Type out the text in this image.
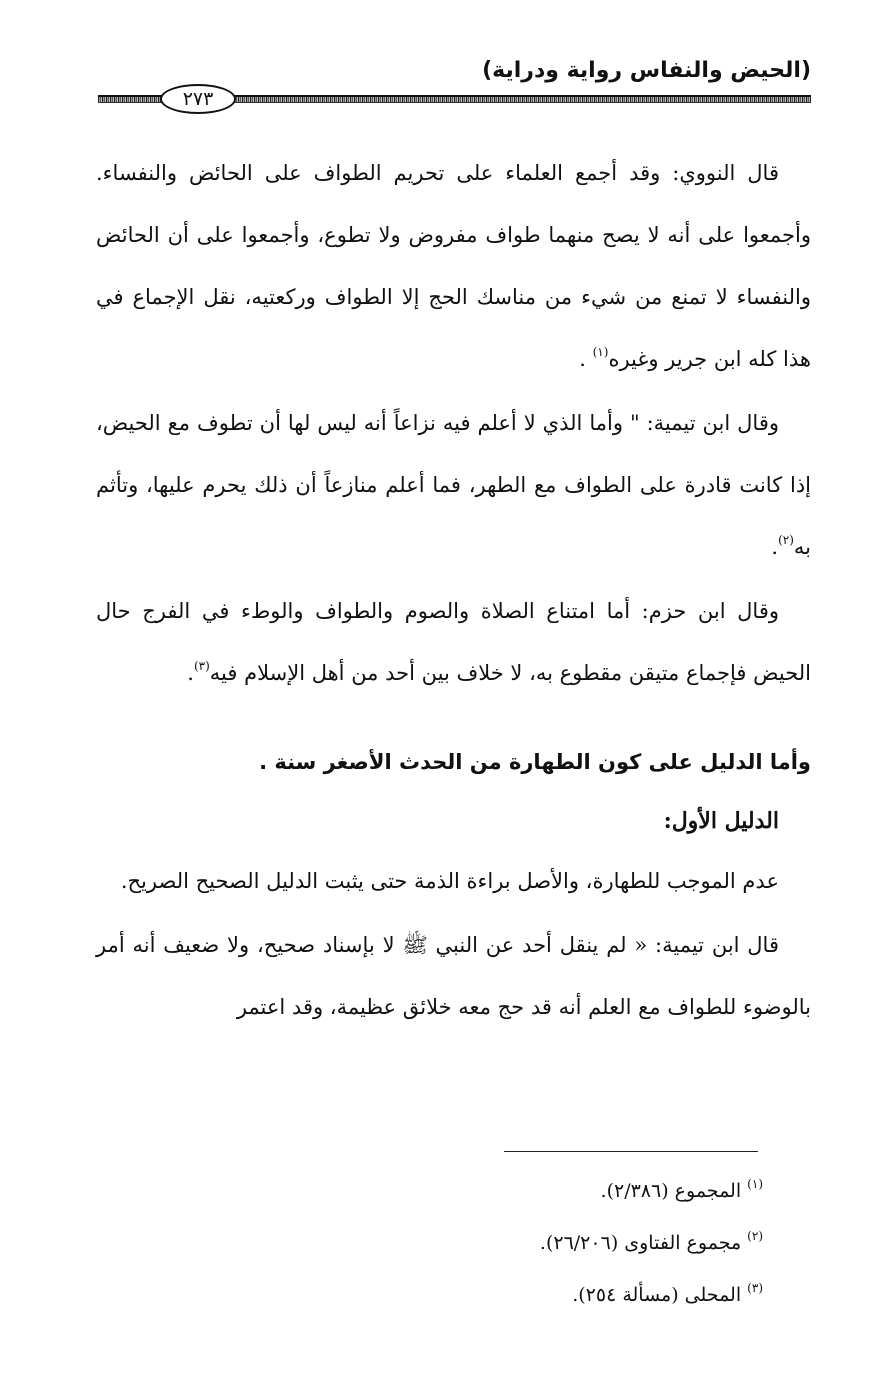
(الحيض والنفاس رواية ودراية)
٢٧٣

قال النووي: وقد أجمع العلماء على تحريم الطواف على الحائض والنفساء. وأجمعوا على أنه لا يصح منهما طواف مفروض ولا تطوع، وأجمعوا على أن الحائض والنفساء لا تمنع من شيء من مناسك الحج إلا الطواف وركعتيه، نقل الإجماع في هذا كله ابن جرير وغيره$^{(١)}$ .

وقال ابن تيمية: " وأما الذي لا أعلم فيه نزاعاً أنه ليس لها أن تطوف مع الحيض، إذا كانت قادرة على الطواف مع الطهر، فما أعلم منازعاً أن ذلك يحرم عليها، وتأثم به$^{(٢)}$.

وقال ابن حزم: أما امتناع الصلاة والصوم والطواف والوطء في الفرج حال الحيض فإجماع متيقن مقطوع به، لا خلاف بين أحد من أهل الإسلام فيه$^{(٣)}$.

وأما الدليل على كون الطهارة من الحدث الأصغر سنة .

الدليل الأول:

عدم الموجب للطهارة، والأصل براءة الذمة حتى يثبت الدليل الصحيح الصريح.

قال ابن تيمية: « لم ينقل أحد عن النبي ﷺ لا بإسناد صحيح، ولا ضعيف أنه أمر بالوضوء للطواف مع العلم أنه قد حج معه خلائق عظيمة، وقد اعتمر

$^{(١)}$ المجموع (٢/٣٨٦).

$^{(٢)}$ مجموع الفتاوى (٢٦/٢٠٦).

$^{(٣)}$ المحلى (مسألة ٢٥٤).
